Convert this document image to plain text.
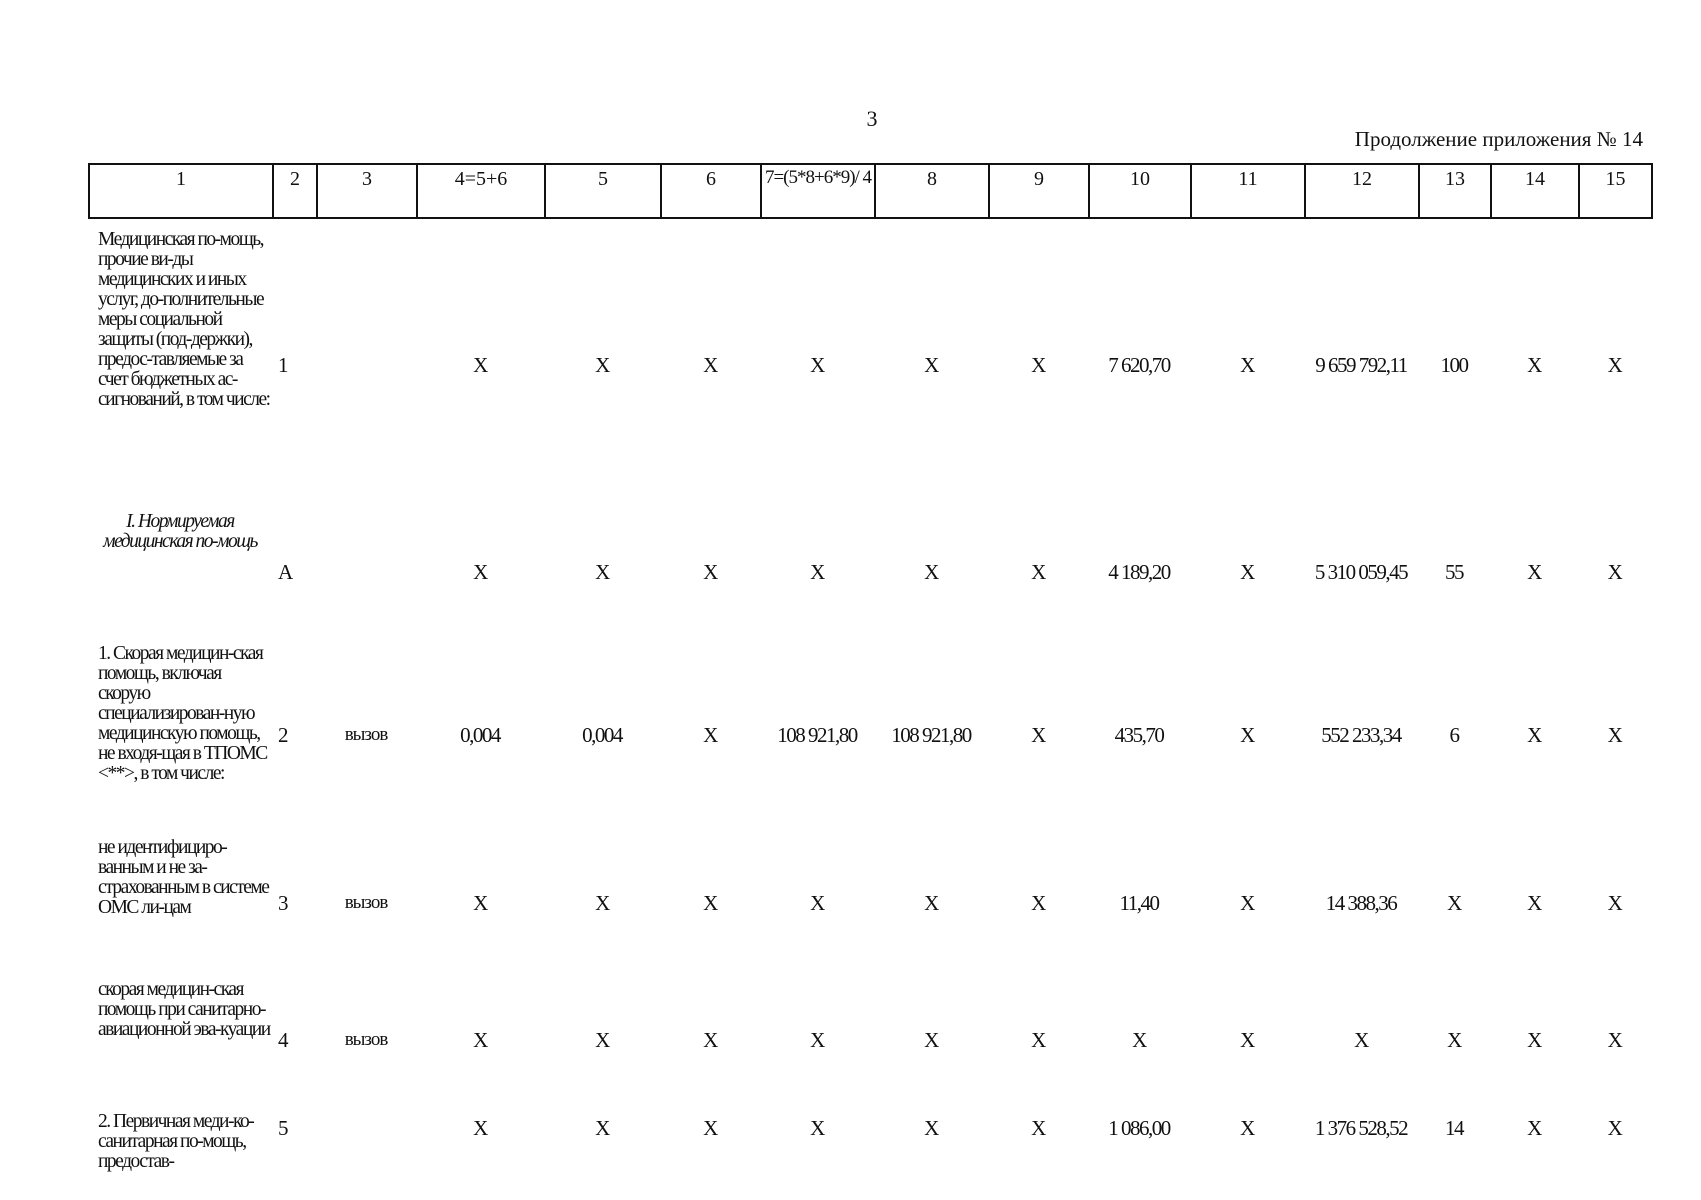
3
Продолжение приложения № 14
1	2	3	4=5+6	5	6	7=(5*8+6*9)/ 4	8	9	10	11	12	13	14	15
Медицинская по-мощь, прочие ви-ды медицинских и иных услуг, до-полнительные меры социальной защиты (под-держки), предос-тавляемые за счет бюджетных ас-сигнований, в том числе:	1		X	X	X	X	X	X	7 620,70	X	9 659 792,11	100	X	X
I. Нормируемая медицинская по-мощь	А		X	X	X	X	X	X	4 189,20	X	5 310 059,45	55	X	X
1. Скорая медицин-ская помощь, включая скорую специализирован-ную медицинскую помощь, не входя-щая в ТПОМС <**>, в том числе:	2	вызов	0,004	0,004	X	108 921,80	108 921,80	X	435,70	X	552 233,34	6	X	X
не идентифициро-ванным и не за-страхованным в системе ОМС ли-цам	3	вызов	X	X	X	X	X	X	11,40	X	14 388,36	X	X	X
скорая медицин-ская помощь при санитарно-авиационной эва-куации	4	вызов	X	X	X	X	X	X	X	X	X	X	X	X
2. Первичная меди-ко-санитарная по-мощь, предостав-	5		X	X	X	X	X	X	1 086,00	X	1 376 528,52	14	X	X
